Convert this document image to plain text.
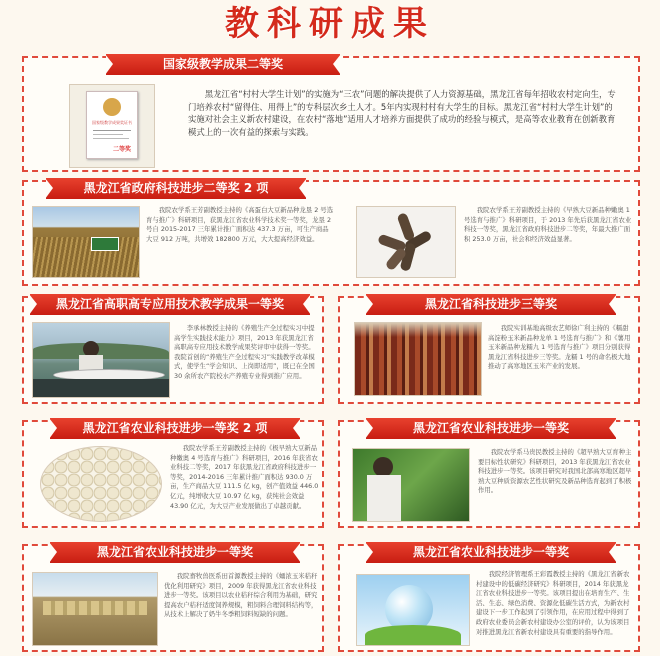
教科研成果
国家级教学成果二等奖
国家级教学成果奖证书
二等奖
黑龙江省“村村大学生计划”的实施为“三农”问题的解决提供了人力资源基础，黑龙江省每年招收农村定向生，专门培养农村“留得住、用得上”的专科层次乡土人才。5年内实现村村有大学生的目标。黑龙江省“村村大学生计划”的实施对社会主义新农村建设，在农村“落地”适用人才培养方面提供了成功的经验与模式，是高等农业教育在创新教育模式上的一次有益的探索与实践。
黑龙江省政府科技进步二等奖 2 项
我院农学系王芳副教授主持的《高蛋白大豆新品种龙垦 2 号选育与推广》科研项目，获黑龙江省农业科学技术奖一等奖，龙垦 2 号自 2015-2017 三年累计推广面积达 437.3 万亩，可生产商品大豆 912 万吨，共增效 182800 万元，大大提高经济效益。
我院农学系王芳副教授主持的《早熟大豆新品种嫩奥 1 号选育与推广》科研项目，于 2013 年先后获黑龙江省农业科技一等奖，黑龙江省政府科技进步二等奖，年最大推广面积 253.0 万亩，社会和经济效益显著。
黑龙江省高职高专应用技术教学成果一等奖
李承林教授主持的《养殖生产全过程实习中提高学生实践技术能力》项目，2013 年获黑龙江省高职高专应用技术教学成果奖评审中获得一等奖。我院首创的“养殖生产全过程实习”实践教学改革模式，使学生“学会知识、上岗即适用”，既已在全国 30 余所农产院校水产养殖专业得到推广应用。
黑龙江省科技进步三等奖
我院实训基地高级农艺师徐广利主持的《糯甜高淀粉玉米新品种龙单 1 号选育与推广》和《薯用玉米新品种龙糯九 1 号选育与推广》项目分别获得黑龙江省科技进步三等奖。龙糯 1 号的命名极大地推动了高寒地区玉米产业的发展。
黑龙江省农业科技进步一等奖 2 项
我院农学系王芳副教授主持的《极早熟大豆新品种嫩奥 4 号选育与推广》科研项目，2016 年获省农业科技二等奖，2017 年获黑龙江省政府科技进步一等奖，2014-2016 三年累计推广面积达 930.0 万亩，生产商品大豆 111.5 亿 kg，创产值效益 446.0 亿元，纯增收大豆 10.97 亿 kg，获纯社会效益 43.90 亿元，为大豆产业发展做出了卓越贡献。
黑龙江省农业科技进步一等奖
我院农学系马贵民教授主持的《超早熟大豆育种主要目标性状研究》科研项目，2013 年获黑龙江省农业科技进步一等奖。该项目研究对我国北部高寒地区超早熟大豆种质资源农艺性状研究及新品种选育起到了积极作用。
黑龙江省农业科技进步一等奖
我院畜牧兽医系田首源教授主持的《蛹浓玉米秸秆优化利用研究》项目，2009 年获得黑龙江省农业科技进步一等奖。该项目以农业秸秆综合利用为基础，研究提高农户秸秆适度饲养规模，粗饲料合理饲料结构等，从技术上解决了奶牛冬季粗饲料短缺的问题。
黑龙江省农业科技进步一等奖
我院经济管理系王彩霞教授主持的《黑龙江省新农村建设中的低碳经济研究》科研项目，2014 年获黑龙江省农业科技进步一等奖。该项目提出在培育生产、生活、生态、绿色消费、资源化低碳生活方式，为新农村建设下一步工作起到了引领作用，在应用过程中得到了政府农业委员会新农村建设办公室的评价，认为该项目对推进黑龙江省新农村建设具有重要的指导作用。
